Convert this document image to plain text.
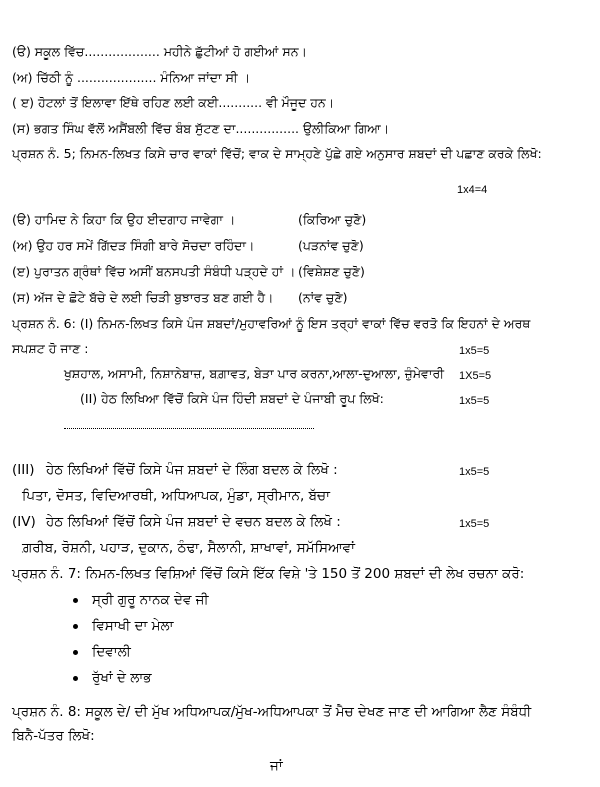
(ੳ) ਸਕੂਲ ਵਿੱਚ................... ਮਹੀਨੇ ਛੁੱਟੀਆਂ ਹੋ ਗਈਆਂ ਸਨ।
(ਅ) ਚਿੱਠੀ ਨੂੰ .................... ਮੰਨਿਆ ਜਾਂਦਾ ਸੀ ।
( ੲ) ਹੋਟਲਾਂ ਤੋਂ ਇਲਾਵਾ ਇੱਥੇ ਰਹਿਣ ਲਈ ਕਈ........... ਵੀ ਮੌਜੂਦ ਹਨ।
(ਸ) ਭਗਤ ਸਿੰਘ ਵੱਲੋਂ ਅਸੈਂਬਲੀ ਵਿੱਚ ਬੰਬ ਸੁੱਟਣ ਦਾ................ ਉਲੀਕਿਆ ਗਿਆ।
ਪ੍ਰਸ਼ਨ ਨੰ. 5; ਨਿਮਨ-ਲਿਖਤ ਕਿਸੇ ਚਾਰ ਵਾਕਾਂ ਵਿੱਚੋਂ; ਵਾਕ ਦੇ ਸਾਮ੍ਹਣੇ ਪੁੱਛੇ ਗਏ ਅਨੁਸਾਰ ਸ਼ਬਦਾਂ ਦੀ ਪਛਾਣ ਕਰਕੇ ਲਿਖੋ:
1x4=4
(ੳ) ਹਾਮਿਦ ਨੇ ਕਿਹਾ ਕਿ ਉਹ ਈਦਗਾਹ ਜਾਵੇਗਾ ।	(ਕਿਰਿਆ ਚੁਣੋ)
(ਅ) ਉਹ ਹਰ ਸਮੇਂ ਗਿੱਦੜ ਸਿੰਗੀ ਬਾਰੇ ਸੋਚਦਾ ਰਹਿੰਦਾ।	(ਪੜਨਾਂਵ ਚੁਣੋ)
(ੲ) ਪੁਰਾਤਨ ਗ੍ਰੰਥਾਂ ਵਿੱਚ ਅਸੀਂ ਬਨਸਪਤੀ ਸੰਬੰਧੀ ਪੜ੍ਹਦੇ ਹਾਂ । (ਵਿਸ਼ੇਸ਼ਣ ਚੁਣੋ)
(ਸ) ਅੱਜ ਦੇ ਛੋਟੇ ਬੱਚੇ ਦੇ ਲਈ ਚਿੜੀ ਬੁਝਾਰਤ ਬਣ ਗਈ ਹੈ। (ਨਾਂਵ ਚੁਣੋ)
ਪ੍ਰਸ਼ਨ ਨੰ. 6: (I) ਨਿਮਨ-ਲਿਖਤ ਕਿਸੇ ਪੰਜ ਸ਼ਬਦਾਂ/ਮੁਹਾਵਰਿਆਂ ਨੂੰ ਇਸ ਤਰ੍ਹਾਂ ਵਾਕਾਂ ਵਿੱਚ ਵਰਤੋ ਕਿ ਇਹਨਾਂ ਦੇ ਅਰਥ
ਸਪਸ਼ਟ ਹੋ ਜਾਣ :	1x5=5
ਖੁਸ਼ਹਾਲ, ਅਸਾਮੀ, ਨਿਸ਼ਾਨੇਬਾਜ਼, ਬਗ਼ਾਵਤ, ਬੇੜਾ ਪਾਰ ਕਰਨਾ,ਆਲਾ-ਦੁਆਲਾ, ਜ਼ੁੰਮੇਵਾਰੀ 1X5=5
(II) ਹੇਠ ਲਿਖਿਆ ਵਿੱਚੋਂ ਕਿਸੇ ਪੰਜ ਹਿੰਦੀ ਸ਼ਬਦਾਂ ਦੇ ਪੰਜਾਬੀ ਰੂਪ ਲਿਖੋ:	1x5=5
(III) ਹੇਠ ਲਿਖਿਆਂ ਵਿੱਚੋਂ ਕਿਸੇ ਪੰਜ ਸ਼ਬਦਾਂ ਦੇ ਲਿੰਗ ਬਦਲ ਕੇ ਲਿਖੋ :	1x5=5
ਪਿਤਾ, ਦੋਸਤ, ਵਿਦਿਆਰਥੀ, ਅਧਿਆਪਕ, ਮੁੰਡਾ, ਸ੍ਰੀਮਾਨ, ਬੱਚਾ
(IV) ਹੇਠ ਲਿਖਿਆਂ ਵਿੱਚੋਂ ਕਿਸੇ ਪੰਜ ਸ਼ਬਦਾਂ ਦੇ ਵਚਨ ਬਦਲ ਕੇ ਲਿਖੋ :	1x5=5
ਗ਼ਰੀਬ, ਰੋਸ਼ਨੀ, ਪਹਾੜ, ਦੁਕਾਨ, ਠੰਢਾ, ਸੈਲਾਨੀ, ਸ਼ਾਖਾਵਾਂ, ਸਮੱਸਿਆਵਾਂ
ਪ੍ਰਸ਼ਨ ਨੰ. 7: ਨਿਮਨ-ਲਿਖਤ ਵਿਸ਼ਿਆਂ ਵਿੱਚੋਂ ਕਿਸੇ ਇੱਕ ਵਿਸ਼ੇ 'ਤੇ 150 ਤੋਂ 200 ਸ਼ਬਦਾਂ ਦੀ ਲੇਖ ਰਚਨਾ ਕਰੋ:
ਸ੍ਰੀ ਗੁਰੂ ਨਾਨਕ ਦੇਵ ਜੀ
ਵਿਸਾਖੀ ਦਾ ਮੇਲਾ
ਦਿਵਾਲੀ
ਰੁੱਖਾਂ ਦੇ ਲਾਭ
ਪ੍ਰਸ਼ਨ ਨੰ. 8: ਸਕੂਲ ਦੇ/ ਦੀ ਮੁੱਖ ਅਧਿਆਪਕ/ਮੁੱਖ-ਅਧਿਆਪਕਾ ਤੋਂ ਮੈਚ ਦੇਖਣ ਜਾਣ ਦੀ ਆਗਿਆ ਲੈਣ ਸੰਬੰਧੀ
ਬਿਨੈ-ਪੱਤਰ ਲਿਖੋ:
ਜਾਂ
